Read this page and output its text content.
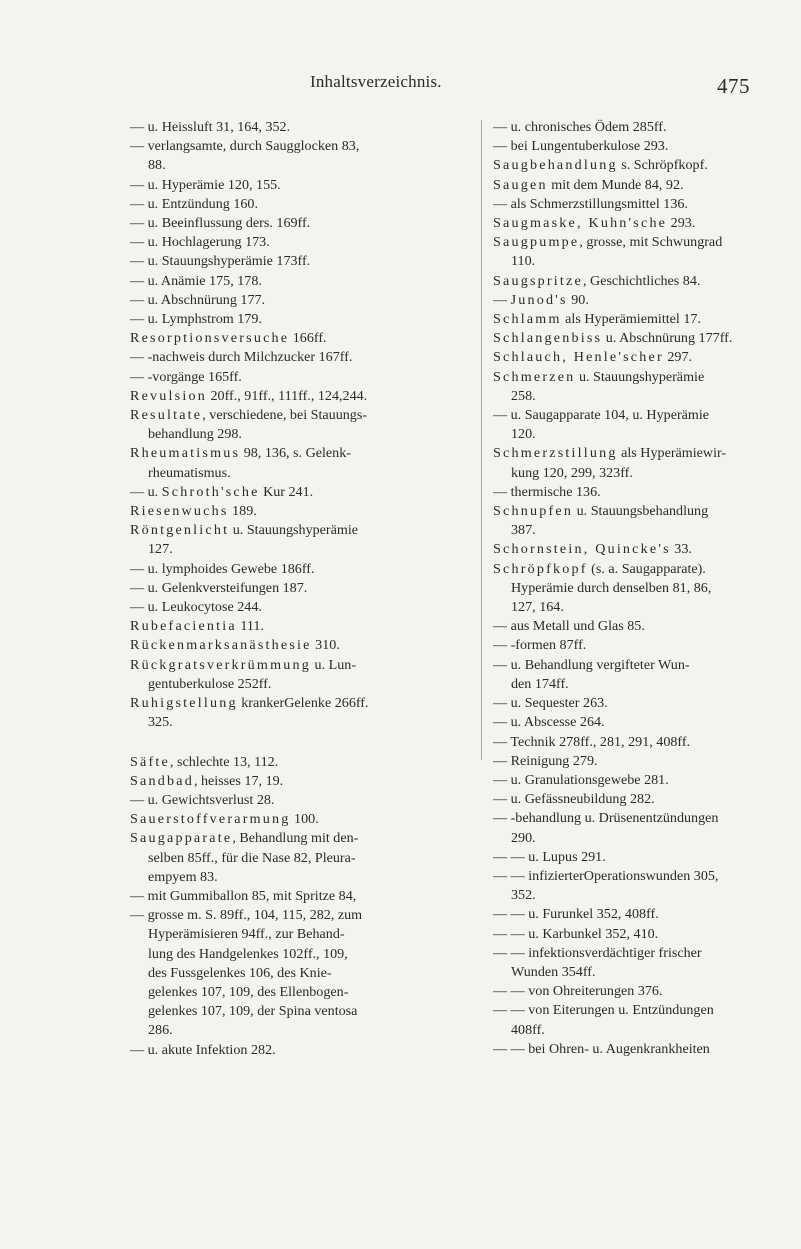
Inhaltsverzeichnis.	475
— u. Heissluft 31, 164, 352.
— verlangsamte, durch Saugglocken 83,
88.
— u. Hyperämie 120, 155.
— u. Entzündung 160.
— u. Beeinflussung ders. 169ff.
— u. Hochlagerung 173.
— u. Stauungshyperämie 173ff.
— u. Anämie 175, 178.
— u. Abschnürung 177.
— u. Lymphstrom 179.
Resorptionsversuche 166ff.
— -nachweis durch Milchzucker 167ff.
— -vorgänge 165ff.
Revulsion 20ff., 91ff., 111ff., 124,244.
Resultate, verschiedene, bei Stauungs-
behandlung 298.
Rheumatismus 98, 136, s. Gelenk-
rheumatismus.
— u. Schroth'sche Kur 241.
Riesenwuchs 189.
Röntgenlicht u. Stauungshyperämie
127.
— u. lymphoides Gewebe 186ff.
— u. Gelenkversteifungen 187.
— u. Leukocytose 244.
Rubefacientia 111.
Rückenmarksanästhesie 310.
Rückgratsverkrümmung u. Lun-
gentuberkulose 252ff.
Ruhigstellung krankerGelenke 266ff.
325.
Säfte, schlechte 13, 112.
Sandbad, heisses 17, 19.
— u. Gewichtsverlust 28.
Sauerstoffverarmung 100.
Saugapparate, Behandlung mit den-
selben 85ff., für die Nase 82, Pleura-
empyem 83.
— mit Gummiballon 85, mit Spritze 84,
— grosse m. S. 89ff., 104, 115, 282, zum
Hyperämisieren 94ff., zur Behand-
lung des Handgelenkes 102ff., 109,
des Fussgelenkes 106, des Knie-
gelenkes 107, 109, des Ellenbogen-
gelenkes 107, 109, der Spina ventosa
286.
— u. akute Infektion 282.
— u. chronisches Ödem 285ff.
— bei Lungentuberkulose 293.
Saugbehandlung s. Schröpfkopf.
Saugen mit dem Munde 84, 92.
— als Schmerzstillungsmittel 136.
Saugmaske, Kuhn'sche 293.
Saugpumpe, grosse, mit Schwungrad
110.
Saugspritze, Geschichtliches 84.
— Junod's 90.
Schlamm als Hyperämiemittel 17.
Schlangenbiss u. Abschnürung 177ff.
Schlauch, Henle'scher 297.
Schmerzen u. Stauungshyperämie
258.
— u. Saugapparate 104, u. Hyperämie
120.
Schmerzstillung als Hyperämiewir-
kung 120, 299, 323ff.
— thermische 136.
Schnupfen u. Stauungsbehandlung
387.
Schornstein, Quincke's 33.
Schröpfkopf (s. a. Saugapparate).
Hyperämie durch denselben 81, 86,
127, 164.
— aus Metall und Glas 85.
— -formen 87ff.
— u. Behandlung vergifteter Wun-
den 174ff.
— u. Sequester 263.
— u. Abscesse 264.
— Technik 278ff., 281, 291, 408ff.
— Reinigung 279.
— u. Granulationsgewebe 281.
— u. Gefässneubildung 282.
— -behandlung u. Drüsenentzündungen
290.
— — u. Lupus 291.
— — infizierterOperationswunden 305,
352.
— — u. Furunkel 352, 408ff.
— — u. Karbunkel 352, 410.
— — infektionsverdächtiger frischer
Wunden 354ff.
— — von Ohreiterungen 376.
— — von Eiterungen u. Entzündungen
408ff.
— — bei Ohren- u. Augenkrankheiten
